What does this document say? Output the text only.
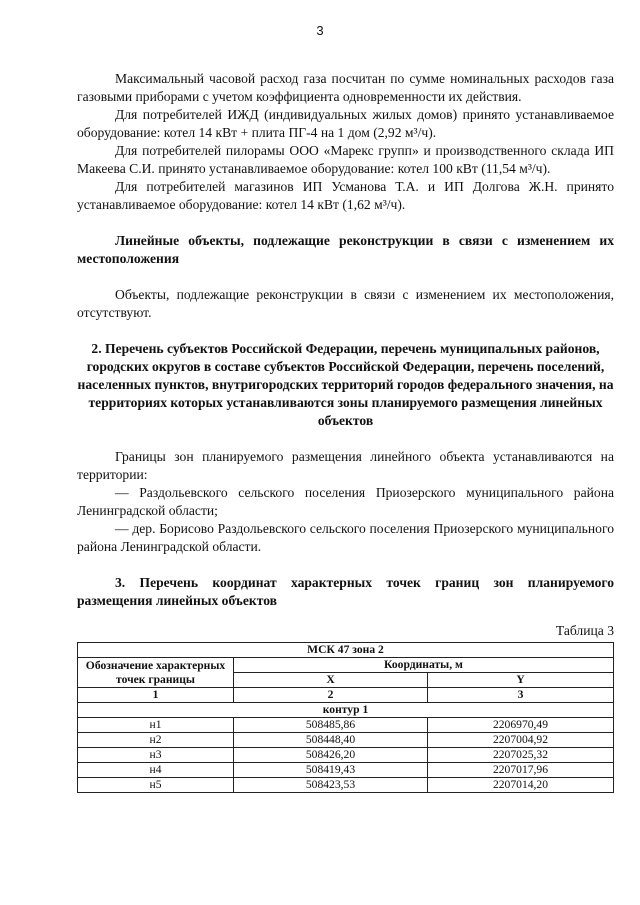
3

Максимальный часовой расход газа посчитан по сумме номинальных расходов газа газовыми приборами с учетом коэффициента одновременности их действия.

Для потребителей ИЖД (индивидуальных жилых домов) принято устанавливаемое оборудование: котел 14 кВт + плита ПГ-4 на 1 дом (2,92 м³/ч).

Для потребителей пилорамы ООО «Марекс групп» и производственного склада ИП Макеева С.И. принято устанавливаемое оборудование: котел 100 кВт (11,54 м³/ч).

Для потребителей магазинов ИП Усманова Т.А. и ИП Долгова Ж.Н. принято устанавливаемое оборудование: котел 14 кВт (1,62 м³/ч).

Линейные объекты, подлежащие реконструкции в связи с изменением их местоположения

Объекты, подлежащие реконструкции в связи с изменением их местоположения, отсутствуют.

2. Перечень субъектов Российской Федерации, перечень муниципальных районов, городских округов в составе субъектов Российской Федерации, перечень поселений, населенных пунктов, внутригородских территорий городов федерального значения, на территориях которых устанавливаются зоны планируемого размещения линейных объектов

Границы зон планируемого размещения линейного объекта устанавливаются на территории:

— Раздольевского сельского поселения Приозерского муниципального района Ленинградской области;

— дер. Борисово Раздольевского сельского поселения Приозерского муниципального района Ленинградской области.

3. Перечень координат характерных точек границ зон планируемого размещения линейных объектов

Таблица 3

МСК 47 зона 2		
Обозначение характерных точек границы	Координаты, м	
	X	Y
1	2	3
контур 1		
н1	508485,86	2206970,49
н2	508448,40	2207004,92
н3	508426,20	2207025,32
н4	508419,43	2207017,96
н5	508423,53	2207014,20
